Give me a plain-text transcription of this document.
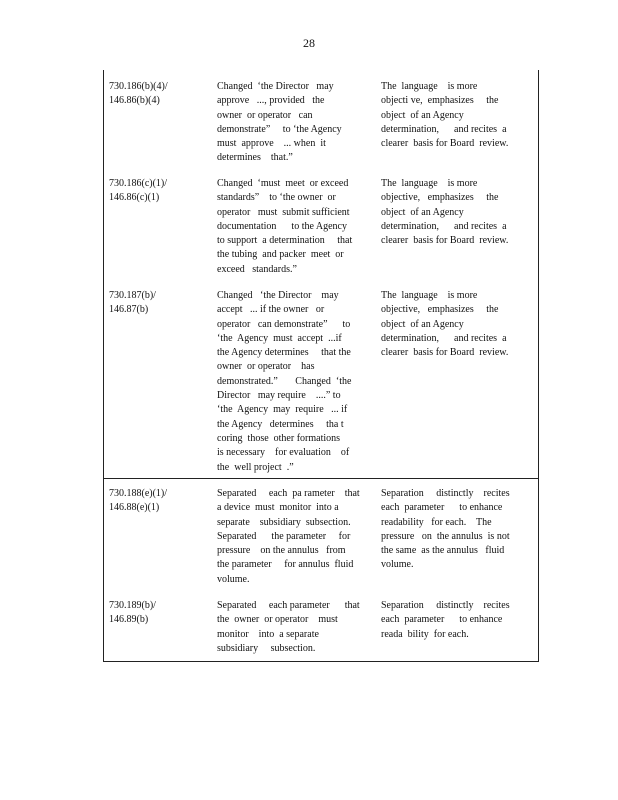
28
730.186(b)(4)/
146.86(b)(4)
Changed  ‘the Director   may
approve   ..., provided   the
owner  or operator   can
demonstrate”     to ‘the Agency
must  approve    ... when  it
determines    that.”
The  language    is more
objecti ve,  emphasizes     the
object  of an Agency
determination,      and recites  a
clearer  basis for Board  review.
730.186(c)(1)/
146.86(c)(1)
Changed  ‘must  meet  or exceed
standards”    to ‘the owner  or
operator   must  submit sufficient
documentation      to the Agency
to support  a determination     that
the tubing  and packer  meet  or
exceed   standards.”
The  language    is more
objective,   emphasizes     the
object  of an Agency
determination,      and recites  a
clearer  basis for Board  review.
730.187(b)/
146.87(b)
Changed   ‘the Director    may
accept   ... if the owner   or
operator   can demonstrate”      to
‘the  Agency  must  accept  ...if
the Agency determines     that the
owner  or operator    has
demonstrated.”       Changed  ‘the
Director   may require    ....” to
‘the  Agency  may  require   ... if
the Agency   determines     tha t
coring  those  other formations
is necessary    for evaluation    of
the  well project  .”
The  language    is more
objective,   emphasizes     the
object  of an Agency
determination,      and recites  a
clearer  basis for Board  review.
730.188(e)(1)/
146.88(e)(1)
Separated     each  pa rameter    that
a device  must  monitor  into a
separate    subsidiary  subsection.
Separated      the parameter     for
pressure    on the annulus   from
the parameter     for annulus  fluid
volume.
Separation     distinctly    recites
each  parameter      to enhance
readability   for each.    The
pressure   on  the annulus  is not
the same  as the annulus   fluid
volume.
730.189(b)/
146.89(b)
Separated     each parameter      that
the  owner  or operator    must
monitor    into  a separate
subsidiary     subsection.
Separation     distinctly    recites
each  parameter      to enhance
reada  bility  for each.
